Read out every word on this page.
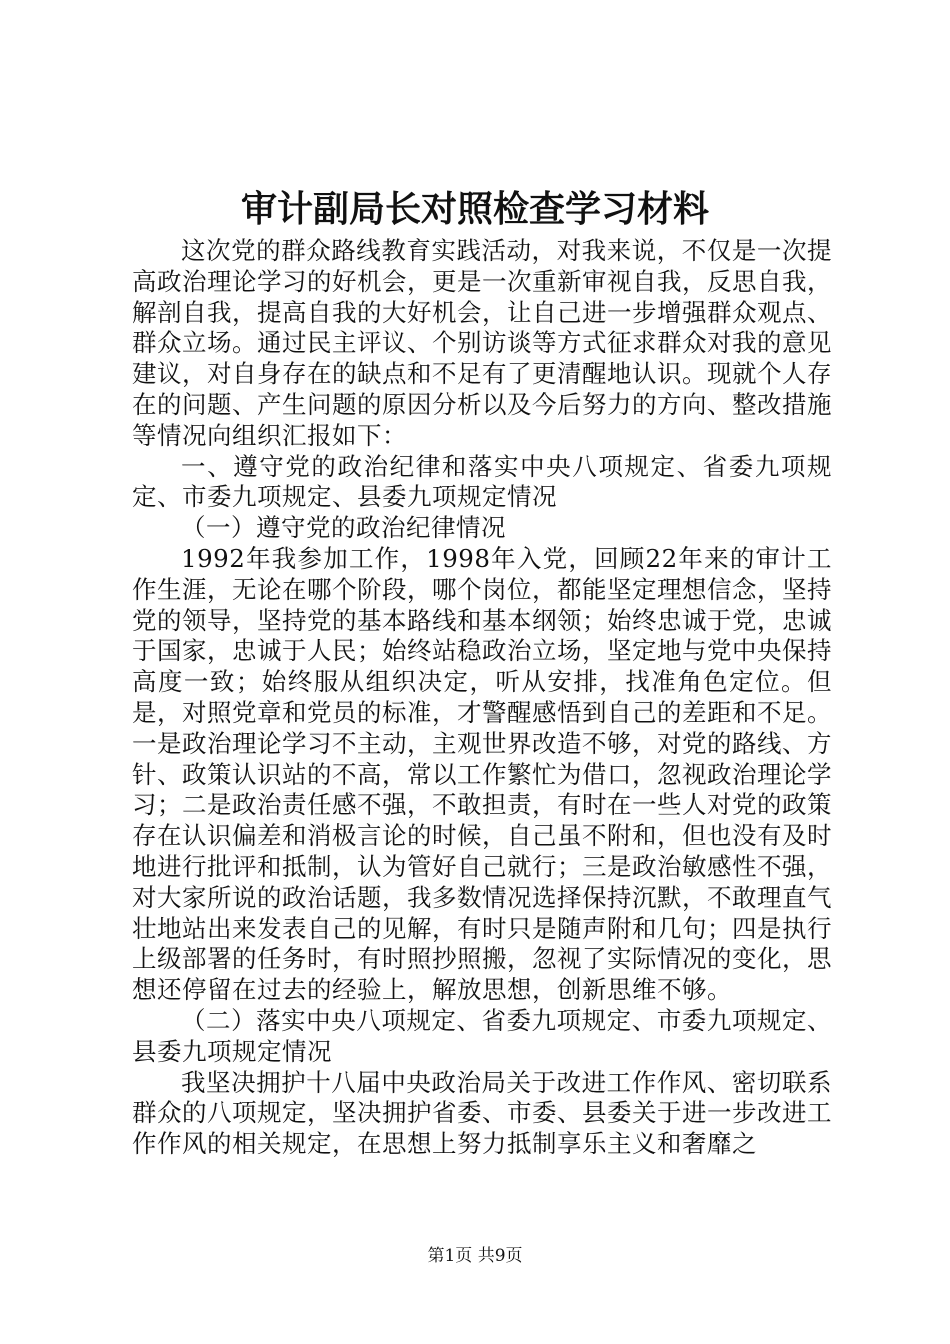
审计副局长对照检查学习材料

这次党的群众路线教育实践活动，对我来说，不仅是一次提高政治理论学习的好机会，更是一次重新审视自我，反思自我，解剖自我，提高自我的大好机会，让自己进一步增强群众观点、群众立场。通过民主评议、个别访谈等方式征求群众对我的意见建议，对自身存在的缺点和不足有了更清醒地认识。现就个人存在的问题、产生问题的原因分析以及今后努力的方向、整改措施等情况向组织汇报如下：

一、遵守党的政治纪律和落实中央八项规定、省委九项规定、市委九项规定、县委九项规定情况

（一）遵守党的政治纪律情况

1992年我参加工作，1998年入党，回顾22年来的审计工作生涯，无论在哪个阶段，哪个岗位，都能坚定理想信念，坚持党的领导，坚持党的基本路线和基本纲领；始终忠诚于党，忠诚于国家，忠诚于人民；始终站稳政治立场，坚定地与党中央保持高度一致；始终服从组织决定，听从安排，找准角色定位。但是，对照党章和党员的标准，才警醒感悟到自己的差距和不足。一是政治理论学习不主动，主观世界改造不够，对党的路线、方针、政策认识站的不高，常以工作繁忙为借口，忽视政治理论学习；二是政治责任感不强，不敢担责，有时在一些人对党的政策存在认识偏差和消极言论的时候，自己虽不附和，但也没有及时地进行批评和抵制，认为管好自己就行；三是政治敏感性不强，对大家所说的政治话题，我多数情况选择保持沉默，不敢理直气壮地站出来发表自己的见解，有时只是随声附和几句；四是执行上级部署的任务时，有时照抄照搬，忽视了实际情况的变化，思想还停留在过去的经验上，解放思想，创新思维不够。

（二）落实中央八项规定、省委九项规定、市委九项规定、县委九项规定情况

我坚决拥护十八届中央政治局关于改进工作作风、密切联系群众的八项规定，坚决拥护省委、市委、县委关于进一步改进工作作风的相关规定，在思想上努力抵制享乐主义和奢靡之

第1页 共9页
